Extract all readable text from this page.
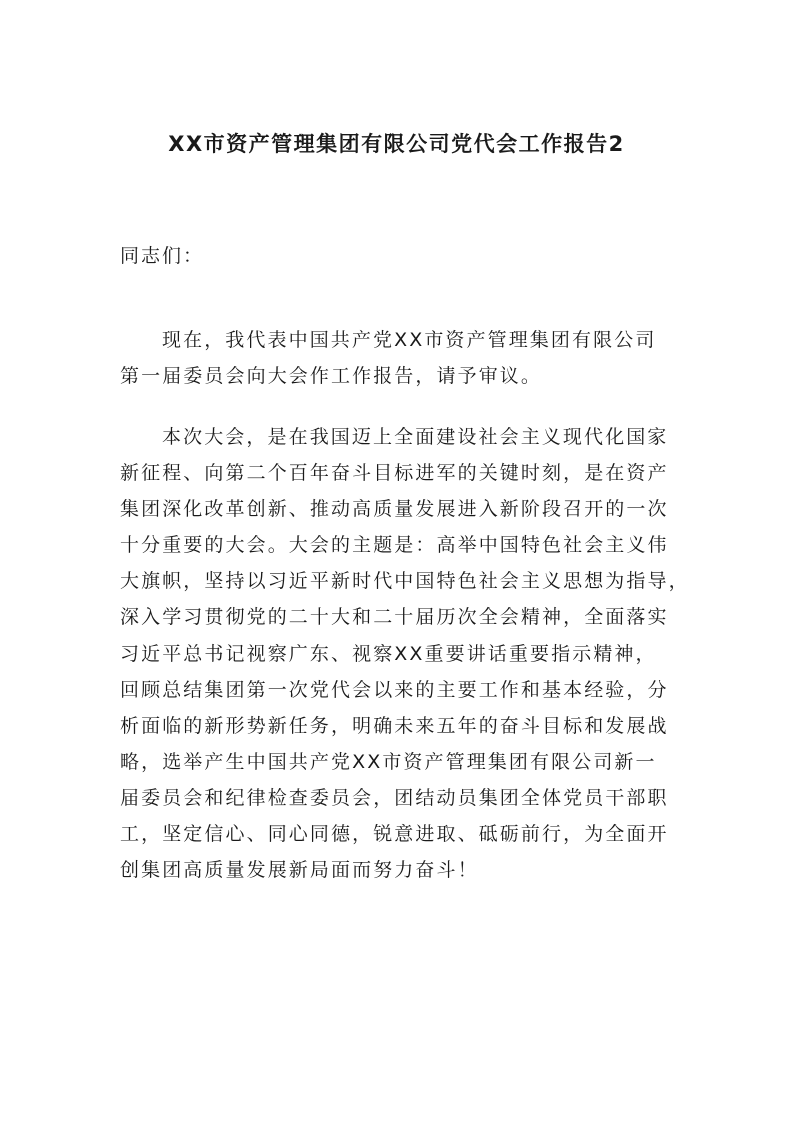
XX市资产管理集团有限公司党代会工作报告2
同志们：
现在，我代表中国共产党XX市资产管理集团有限公司
第一届委员会向大会作工作报告，请予审议。
本次大会，是在我国迈上全面建设社会主义现代化国家
新征程、向第二个百年奋斗目标进军的关键时刻，是在资产
集团深化改革创新、推动高质量发展进入新阶段召开的一次
十分重要的大会。大会的主题是：高举中国特色社会主义伟
大旗帜，坚持以习近平新时代中国特色社会主义思想为指导，
深入学习贯彻党的二十大和二十届历次全会精神，全面落实
习近平总书记视察广东、视察XX重要讲话重要指示精神，
回顾总结集团第一次党代会以来的主要工作和基本经验，分
析面临的新形势新任务，明确未来五年的奋斗目标和发展战
略，选举产生中国共产党XX市资产管理集团有限公司新一
届委员会和纪律检查委员会，团结动员集团全体党员干部职
工，坚定信心、同心同德，锐意进取、砥砺前行，为全面开
创集团高质量发展新局面而努力奋斗！
